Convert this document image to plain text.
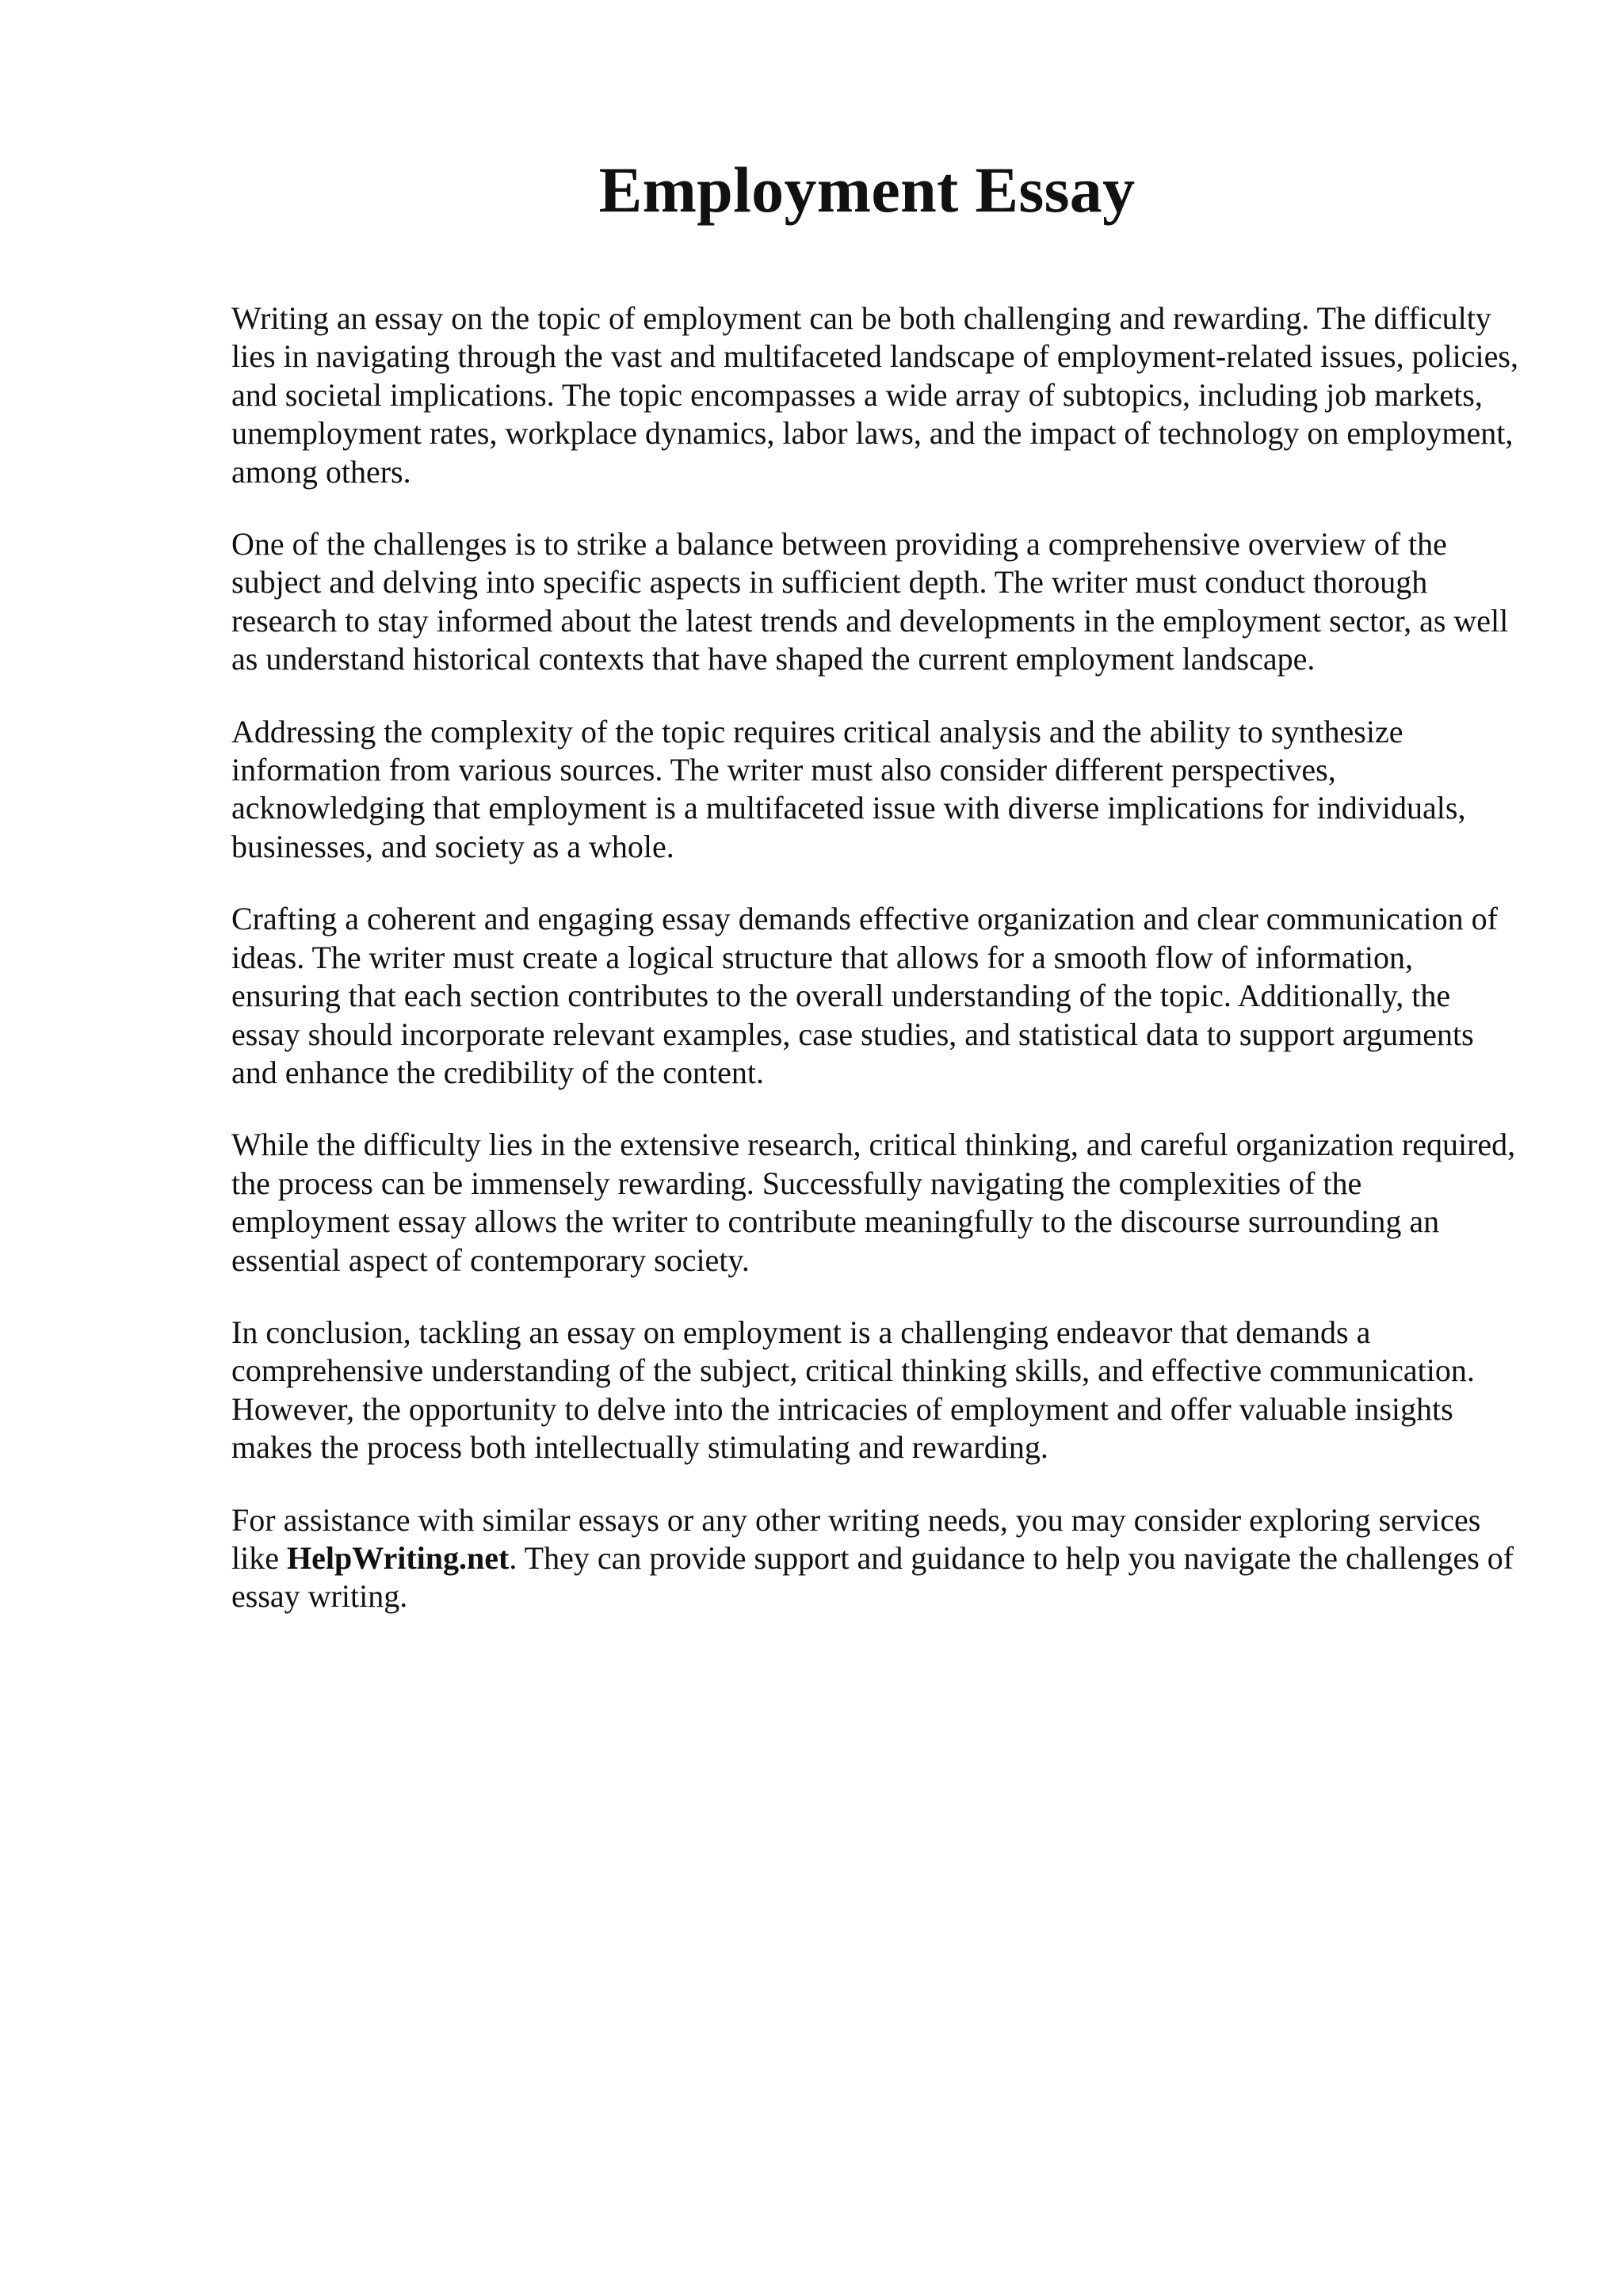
Employment Essay

Writing an essay on the topic of employment can be both challenging and rewarding. The difficulty lies in navigating through the vast and multifaceted landscape of employment-related issues, policies, and societal implications. The topic encompasses a wide array of subtopics, including job markets, unemployment rates, workplace dynamics, labor laws, and the impact of technology on employment, among others.

One of the challenges is to strike a balance between providing a comprehensive overview of the subject and delving into specific aspects in sufficient depth. The writer must conduct thorough research to stay informed about the latest trends and developments in the employment sector, as well as understand historical contexts that have shaped the current employment landscape.

Addressing the complexity of the topic requires critical analysis and the ability to synthesize information from various sources. The writer must also consider different perspectives, acknowledging that employment is a multifaceted issue with diverse implications for individuals, businesses, and society as a whole.

Crafting a coherent and engaging essay demands effective organization and clear communication of ideas. The writer must create a logical structure that allows for a smooth flow of information, ensuring that each section contributes to the overall understanding of the topic. Additionally, the essay should incorporate relevant examples, case studies, and statistical data to support arguments and enhance the credibility of the content.

While the difficulty lies in the extensive research, critical thinking, and careful organization required, the process can be immensely rewarding. Successfully navigating the complexities of the employment essay allows the writer to contribute meaningfully to the discourse surrounding an essential aspect of contemporary society.

In conclusion, tackling an essay on employment is a challenging endeavor that demands a comprehensive understanding of the subject, critical thinking skills, and effective communication. However, the opportunity to delve into the intricacies of employment and offer valuable insights makes the process both intellectually stimulating and rewarding.

For assistance with similar essays or any other writing needs, you may consider exploring services like HelpWriting.net. They can provide support and guidance to help you navigate the challenges of essay writing.
